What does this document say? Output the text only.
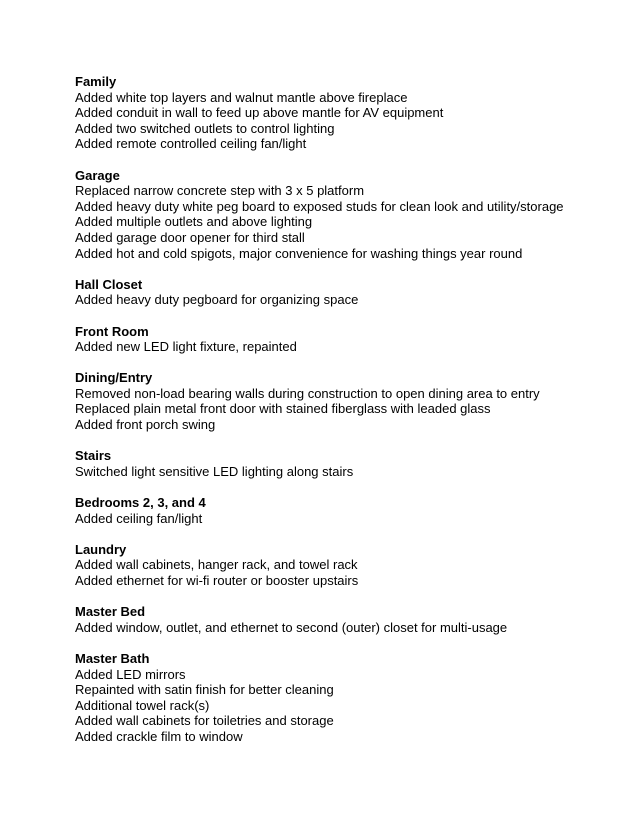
Family
Added white top layers and walnut mantle above fireplace
Added conduit in wall to feed up above mantle for AV equipment
Added two switched outlets to control lighting
Added remote controlled ceiling fan/light
Garage
Replaced narrow concrete step with 3 x 5 platform
Added heavy duty white peg board to exposed studs for clean look and utility/storage
Added multiple outlets and above lighting
Added garage door opener for third stall
Added hot and cold spigots, major convenience for washing things year round
Hall Closet
Added heavy duty pegboard for organizing space
Front Room
Added new LED light fixture, repainted
Dining/Entry
Removed non-load bearing walls during construction to open dining area to entry
Replaced plain metal front door with stained fiberglass with leaded glass
Added front porch swing
Stairs
Switched light sensitive LED lighting along stairs
Bedrooms 2, 3, and 4
Added ceiling fan/light
Laundry
Added wall cabinets, hanger rack, and towel rack
Added ethernet for wi-fi router or booster upstairs
Master Bed
Added window, outlet, and ethernet to second (outer) closet for multi-usage
Master Bath
Added LED mirrors
Repainted with satin finish for better cleaning
Additional towel rack(s)
Added wall cabinets for toiletries and storage
Added crackle film to window
